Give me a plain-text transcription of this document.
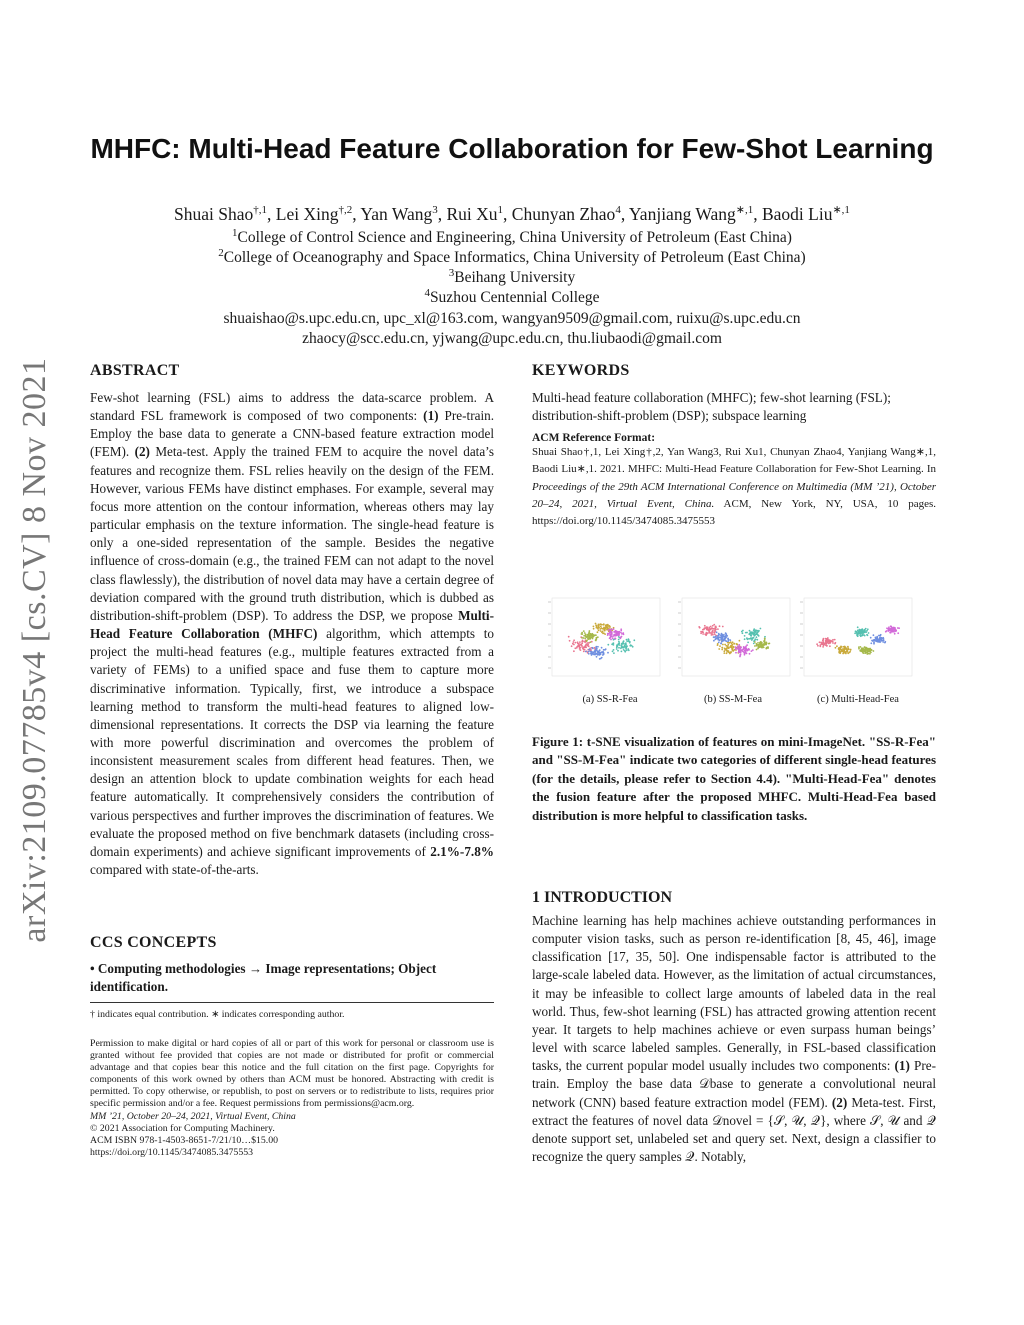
arXiv:2109.07785v4 [cs.CV] 8 Nov 2021
MHFC: Multi-Head Feature Collaboration for Few-Shot Learning
Shuai Shao$^{\dagger,1}$, Lei Xing$^{\dagger,2}$, Yan Wang$^3$, Rui Xu$^1$, Chunyan Zhao$^4$, Yanjiang Wang$^{∗,1}$, Baodi Liu$^{∗,1}$
$^1$College of Control Science and Engineering, China University of Petroleum (East China)
$^2$College of Oceanography and Space Informatics, China University of Petroleum (East China)
$^3$Beihang University
$^4$Suzhou Centennial College
shuaishao@s.upc.edu.cn, upc_xl@163.com, wangyan9509@gmail.com, ruixu@s.upc.edu.cn
zhaocy@scc.edu.cn, yjwang@upc.edu.cn, thu.liubaodi@gmail.com
ABSTRACT

Few-shot learning (FSL) aims to address the data-scarce problem. A standard FSL framework is composed of two components: (1) Pre-train. Employ the base data to generate a CNN-based feature extraction model (FEM). (2) Meta-test. Apply the trained FEM to acquire the novel data’s features and recognize them. FSL relies heavily on the design of the FEM. However, various FEMs have distinct emphases. For example, several may focus more attention on the contour information, whereas others may lay particular emphasis on the texture information. The single-head feature is only a one-sided representation of the sample. Besides the negative influence of cross-domain (e.g., the trained FEM can not adapt to the novel class flawlessly), the distribution of novel data may have a certain degree of deviation compared with the ground truth distribution, which is dubbed as distribution-shift-problem (DSP). To address the DSP, we propose Multi-Head Feature Collaboration (MHFC) algorithm, which attempts to project the multi-head features (e.g., multiple features extracted from a variety of FEMs) to a unified space and fuse them to capture more discriminative information. Typically, first, we introduce a subspace learning method to transform the multi-head features to aligned low-dimensional representations. It corrects the DSP via learning the feature with more powerful discrimination and overcomes the problem of inconsistent measurement scales from different head features. Then, we design an attention block to update combination weights for each head feature automatically. It comprehensively considers the contribution of various perspectives and further improves the discrimination of features. We evaluate the proposed method on five benchmark datasets (including cross-domain experiments) and achieve significant improvements of 2.1%-7.8% compared with state-of-the-arts.

CCS CONCEPTS
• Computing methodologies → Image representations; Object identification.
† indicates equal contribution. ∗ indicates corresponding author.
Permission to make digital or hard copies of all or part of this work for personal or classroom use is granted without fee provided that copies are not made or distributed for profit or commercial advantage and that copies bear this notice and the full citation on the first page. Copyrights for components of this work owned by others than ACM must be honored. Abstracting with credit is permitted. To copy otherwise, or republish, to post on servers or to redistribute to lists, requires prior specific permission and/or a fee. Request permissions from permissions@acm.org.
MM ’21, October 20–24, 2021, Virtual Event, China
© 2021 Association for Computing Machinery.
ACM ISBN 978-1-4503-8651-7/21/10…$15.00
https://doi.org/10.1145/3474085.3475553
KEYWORDS

Multi-head feature collaboration (MHFC); few-shot learning (FSL); distribution-shift-problem (DSP); subspace learning

ACM Reference Format:
Shuai Shao†,1, Lei Xing†,2, Yan Wang3, Rui Xu1, Chunyan Zhao4, Yanjiang Wang∗,1, Baodi Liu∗,1. 2021. MHFC: Multi-Head Feature Collaboration for Few-Shot Learning. In Proceedings of the 29th ACM International Conference on Multimedia (MM ’21), October 20–24, 2021, Virtual Event, China. ACM, New York, NY, USA, 10 pages. https://doi.org/10.1145/3474085.3475553
(a) SS-R-Fea	(b) SS-M-Fea	(c) Multi-Head-Fea
Figure 1: t-SNE visualization of features on mini-ImageNet. "SS-R-Fea" and "SS-M-Fea" indicate two categories of different single-head features (for the details, please refer to Section 4.4). "Multi-Head-Fea" denotes the fusion feature after the proposed MHFC. Multi-Head-Fea based distribution is more helpful to classification tasks.
1 INTRODUCTION

Machine learning has help machines achieve outstanding performances in computer vision tasks, such as person re-identification [8, 45, 46], image classification [17, 35, 50]. One indispensable factor is attributed to the large-scale labeled data. However, as the limitation of actual circumstances, it may be infeasible to collect large amounts of labeled data in the real world. Thus, few-shot learning (FSL) has attracted growing attention recent year. It targets to help machines achieve or even surpass human beings’ level with scarce labeled samples. Generally, in FSL-based classification tasks, the current popular model usually includes two components: (1) Pre-train. Employ the base data 𝒟base to generate a convolutional neural network (CNN) based feature extraction model (FEM). (2) Meta-test. First, extract the features of novel data 𝒟novel = {𝒮, 𝒰, 𝒬}, where 𝒮, 𝒰 and 𝒬 denote support set, unlabeled set and query set. Next, design a classifier to recognize the query samples 𝒬. Notably,
